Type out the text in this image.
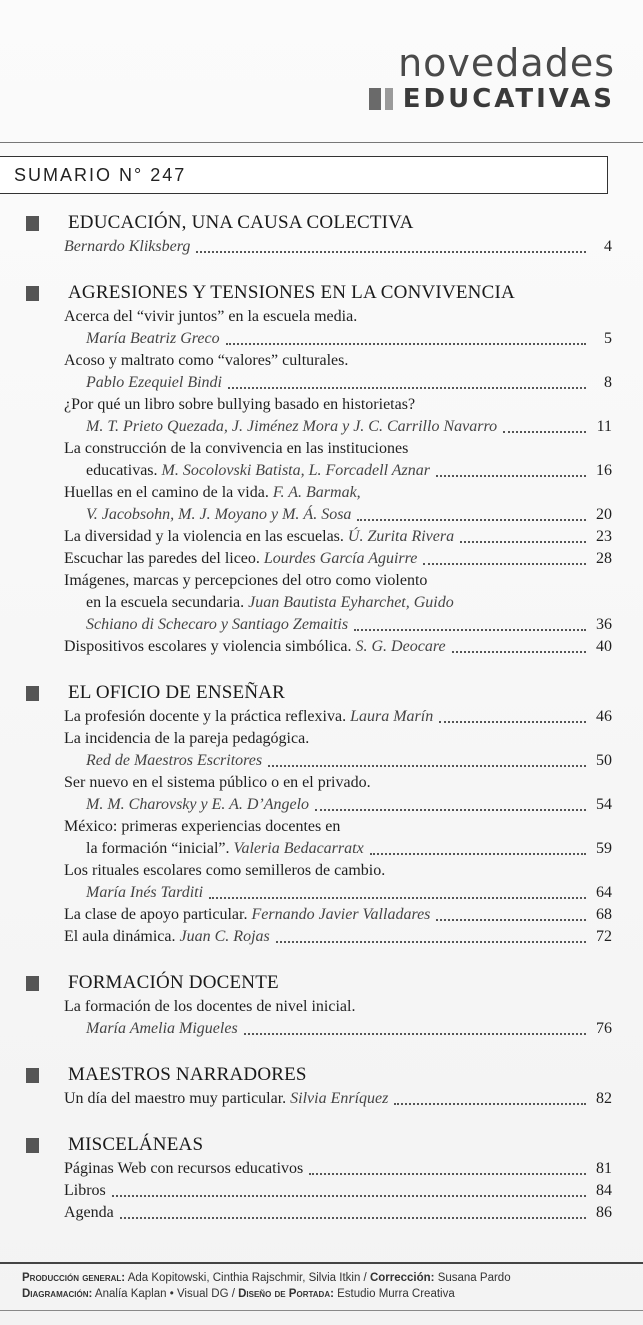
novedades
EDUCATIVAS
SUMARIO N° 247
EDUCACIÓN, UNA CAUSA COLECTIVA
Bernardo Kliksberg	4
AGRESIONES Y TENSIONES EN LA CONVIVENCIA
Acerca del “vivir juntos” en la escuela media.
María Beatriz Greco	5
Acoso y maltrato como “valores” culturales.
Pablo Ezequiel Bindi	8
¿Por qué un libro sobre bullying basado en historietas?
M. T. Prieto Quezada, J. Jiménez Mora y J. C. Carrillo Navarro	11
La construcción de la convivencia en las instituciones
educativas.
M. Socolovski Batista, L. Forcadell Aznar	16
Huellas en el camino de la vida.
F. A. Barmak,
V. Jacobsohn, M. J. Moyano y M. Á. Sosa	20
La diversidad y la violencia en las escuelas.
Ú. Zurita Rivera	23
Escuchar las paredes del liceo.
Lourdes García Aguirre	28
Imágenes, marcas y percepciones del otro como violento
en la escuela secundaria.
Juan Bautista Eyharchet, Guido
Schiano di Schecaro y Santiago Zemaitis	36
Dispositivos escolares y violencia simbólica.
S. G. Deocare	40
EL OFICIO DE ENSEÑAR
La profesión docente y la práctica reflexiva.
Laura Marín	46
La incidencia de la pareja pedagógica.
Red de Maestros Escritores	50
Ser nuevo en el sistema público o en el privado.
M. M. Charovsky y E. A. D’Angelo	54
México: primeras experiencias docentes en
la formación “inicial”.
Valeria Bedacarratx	59
Los rituales escolares como semilleros de cambio.
María Inés Tarditi	64
La clase de apoyo particular.
Fernando Javier Valladares	68
El aula dinámica.
Juan C. Rojas	72
FORMACIÓN DOCENTE
La formación de los docentes de nivel inicial.
María Amelia Migueles	76
MAESTROS NARRADORES
Un día del maestro muy particular.
Silvia Enríquez	82
MISCELÁNEAS
Páginas Web con recursos educativos	81
Libros	84
Agenda	86
Producción general: Ada Kopitowski, Cinthia Rajschmir, Silvia Itkin / Corrección: Susana Pardo
Diagramación: Analía Kaplan • Visual DG / Diseño de Portada: Estudio Murra Creativa
